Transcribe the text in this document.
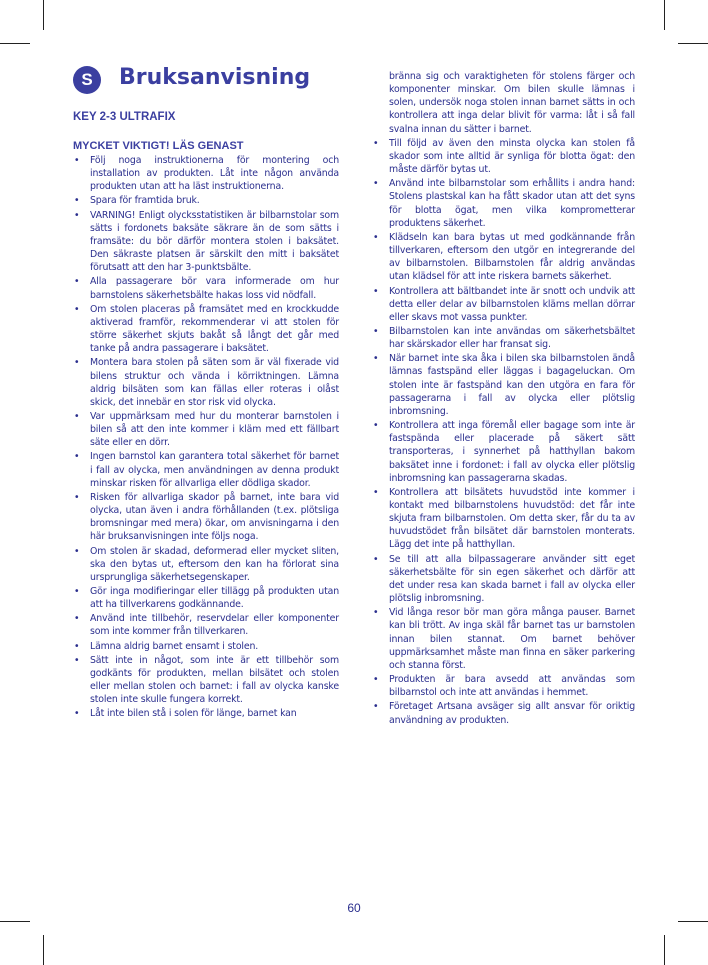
S	Bruksanvisning
KEY 2-3 ULTRAFIX
MYCKET VIKTIGT! LÄS GENAST
• Följ noga instruktionerna för montering och installation av produkten. Låt inte någon använda produkten utan att ha läst instruktionerna.
• Spara för framtida bruk.
• VARNING! Enligt olycksstatistiken är bilbarnstolar som sätts i fordonets baksäte säkrare än de som sätts i framsäte: du bör därför montera stolen i baksätet. Den säkraste platsen är särskilt den mitt i baksätet förutsatt att den har 3-punktsbälte.
• Alla passagerare bör vara informerade om hur barnstolens säkerhetsbälte hakas loss vid nödfall.
• Om stolen placeras på framsätet med en krockkudde aktiverad framför, rekommenderar vi att stolen för större säkerhet skjuts bakåt så långt det går med tanke på andra passagerare i baksätet.
• Montera bara stolen på säten som är väl fixerade vid bilens struktur och vända i körriktningen. Lämna aldrig bilsäten som kan fällas eller roteras i olåst skick, det innebär en stor risk vid olycka.
• Var uppmärksam med hur du monterar barnstolen i bilen så att den inte kommer i kläm med ett fällbart säte eller en dörr.
• Ingen barnstol kan garantera total säkerhet för barnet i fall av olycka, men användningen av denna produkt minskar risken för allvarliga eller dödliga skador.
• Risken för allvarliga skador på barnet, inte bara vid olycka, utan även i andra förhållanden (t.ex. plötsliga bromsningar med mera) ökar, om anvisningarna i den här bruksanvisningen inte följs noga.
• Om stolen är skadad, deformerad eller mycket sliten, ska den bytas ut, eftersom den kan ha förlorat sina ursprungliga säkerhetsegenskaper.
• Gör inga modifieringar eller tillägg på produkten utan att ha tillverkarens godkännande.
• Använd inte tillbehör, reservdelar eller komponenter som inte kommer från tillverkaren.
• Lämna aldrig barnet ensamt i stolen.
• Sätt inte in något, som inte är ett tillbehör som godkänts för produkten, mellan bilsätet och stolen eller mellan stolen och barnet: i fall av olycka kanske stolen inte skulle fungera korrekt.
• Låt inte bilen stå i solen för länge, barnet kan
bränna sig och varaktigheten för stolens färger och komponenter minskar. Om bilen skulle lämnas i solen, undersök noga stolen innan barnet sätts in och kontrollera att inga delar blivit för varma: låt i så fall svalna innan du sätter i barnet.
• Till följd av även den minsta olycka kan stolen få skador som inte alltid är synliga för blotta ögat: den måste därför bytas ut.
• Använd inte bilbarnstolar som erhållits i andra hand: Stolens plastskal kan ha fått skador utan att det syns för blotta ögat, men vilka komprometterar produktens säkerhet.
• Klädseln kan bara bytas ut med godkännande från tillverkaren, eftersom den utgör en integrerande del av bilbarnstolen. Bilbarnstolen får aldrig användas utan klädsel för att inte riskera barnets säkerhet.
• Kontrollera att bältbandet inte är snott och undvik att detta eller delar av bilbarnstolen kläms mellan dörrar eller skavs mot vassa punkter.
• Bilbarnstolen kan inte användas om säkerhetsbältet har skärskador eller har fransat sig.
• När barnet inte ska åka i bilen ska bilbarnstolen ändå lämnas fastspänd eller läggas i bagageluckan. Om stolen inte är fastspänd kan den utgöra en fara för passagerarna i fall av olycka eller plötslig inbromsning.
• Kontrollera att inga föremål eller bagage som inte är fastspända eller placerade på säkert sätt transporteras, i synnerhet på hatthyllan bakom baksätet inne i fordonet: i fall av olycka eller plötslig inbromsning kan passagerarna skadas.
• Kontrollera att bilsätets huvudstöd inte kommer i kontakt med bilbarnstolens huvudstöd: det får inte skjuta fram bilbarnstolen. Om detta sker, får du ta av huvudstödet från bilsätet där barnstolen monterats. Lägg det inte på hatthyllan.
• Se till att alla bilpassagerare använder sitt eget säkerhetsbälte för sin egen säkerhet och därför att det under resa kan skada barnet i fall av olycka eller plötslig inbromsning.
• Vid långa resor bör man göra många pauser. Barnet kan bli trött. Av inga skäl får barnet tas ur barnstolen innan bilen stannat. Om barnet behöver uppmärksamhet måste man finna en säker parkering och stanna först.
• Produkten är bara avsedd att användas som bilbarnstol och inte att användas i hemmet.
• Företaget Artsana avsäger sig allt ansvar för oriktig användning av produkten.
60
